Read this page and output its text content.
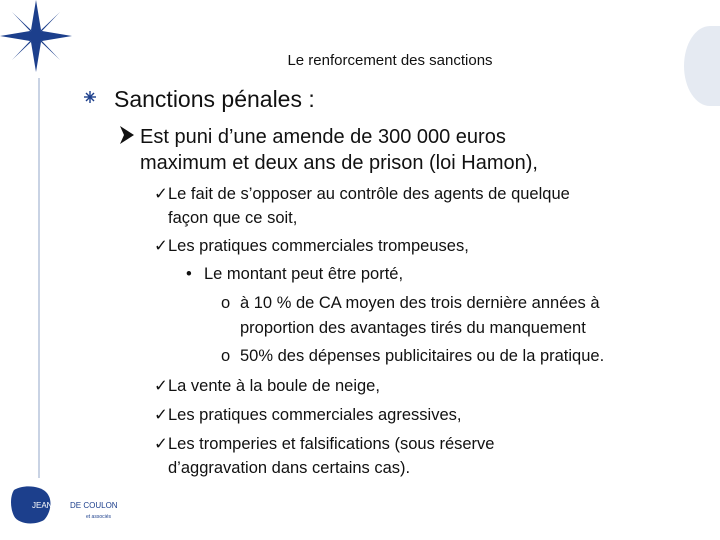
Le renforcement des sanctions
Sanctions pénales :
Est puni d’une amende de 300 000 euros
maximum et deux ans de prison (loi Hamon),
✓ Le fait de s’opposer au contrôle des agents de quelque
façon que ce soit,
✓ Les pratiques commerciales trompeuses,
• Le montant peut être porté,
o à 10 % de CA moyen des trois dernière années à
proportion des avantages tirés du manquement
o 50% des dépenses publicitaires ou de la pratique.
✓ La vente à la boule de neige,
✓ Les pratiques commerciales agressives,
✓ Les tromperies et falsifications (sous réserve
d’aggravation dans certains cas).
JEAN-C DE COULON
et associés
